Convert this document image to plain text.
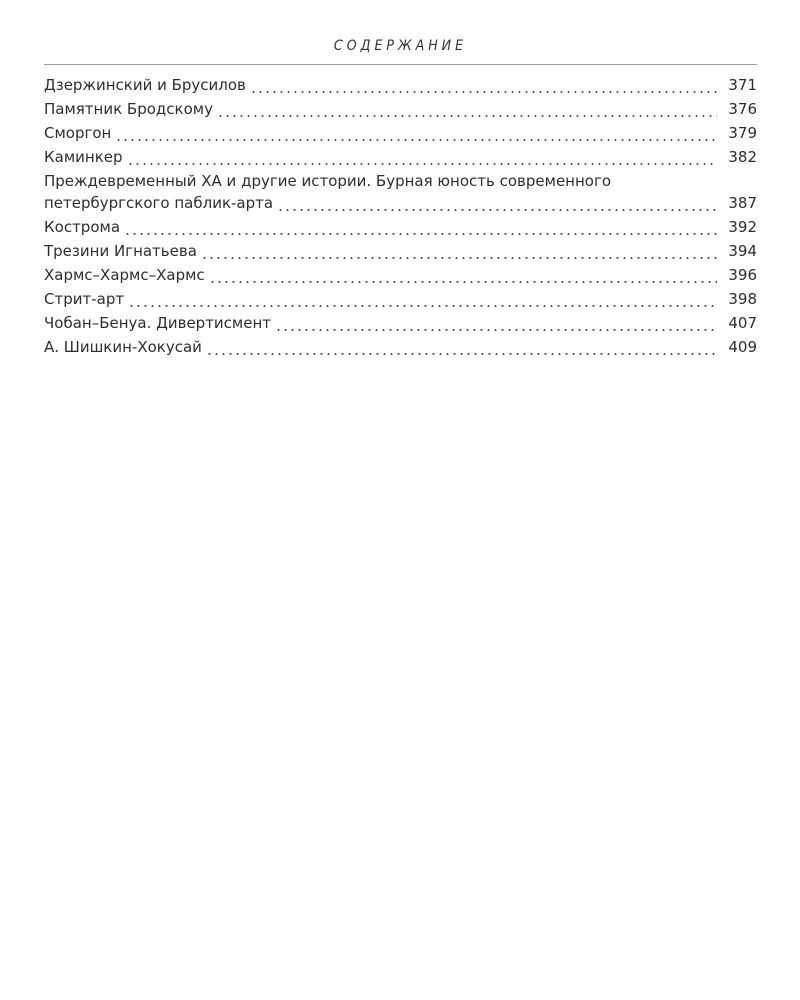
СОДЕРЖАНИЕ
Дзержинский и Брусилов	371
Памятник Бродскому	376
Сморгон	379
Каминкер	382
Преждевременный ХА и другие истории. Бурная юность современного
петербургского паблик-арта	387
Кострома	392
Трезини Игнатьева	394
Хармс–Хармс–Хармс	396
Стрит-арт	398
Чобан–Бенуа. Дивертисмент	407
А. Шишкин-Хокусай	409
